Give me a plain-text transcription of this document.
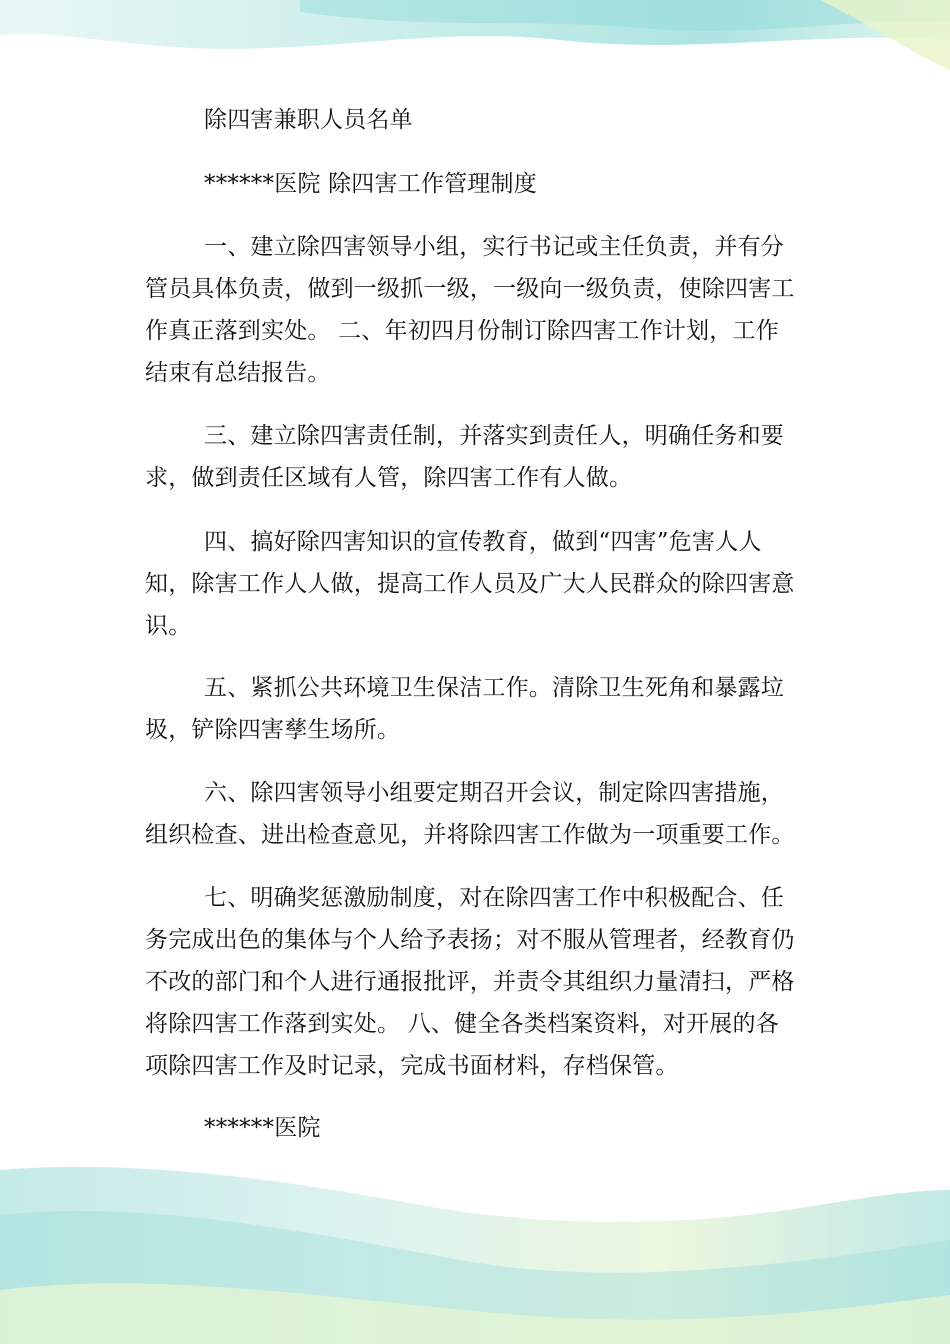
除四害兼职人员名单
******医院 除四害工作管理制度
一、建立除四害领导小组，实行书记或主任负责，并有分
管员具体负责，做到一级抓一级，一级向一级负责，使除四害工
作真正落到实处。 二、年初四月份制订除四害工作计划，工作
结束有总结报告。
三、建立除四害责任制，并落实到责任人，明确任务和要
求，做到责任区域有人管，除四害工作有人做。
四、搞好除四害知识的宣传教育，做到“四害”危害人人
知，除害工作人人做，提高工作人员及广大人民群众的除四害意
识。
五、紧抓公共环境卫生保洁工作。清除卫生死角和暴露垃
圾，铲除四害孳生场所。
六、除四害领导小组要定期召开会议，制定除四害措施，
组织检查、进出检查意见，并将除四害工作做为一项重要工作。
七、明确奖惩激励制度，对在除四害工作中积极配合、任
务完成出色的集体与个人给予表扬；对不服从管理者，经教育仍
不改的部门和个人进行通报批评，并责令其组织力量清扫，严格
将除四害工作落到实处。 八、健全各类档案资料，对开展的各
项除四害工作及时记录，完成书面材料，存档保管。
******医院
